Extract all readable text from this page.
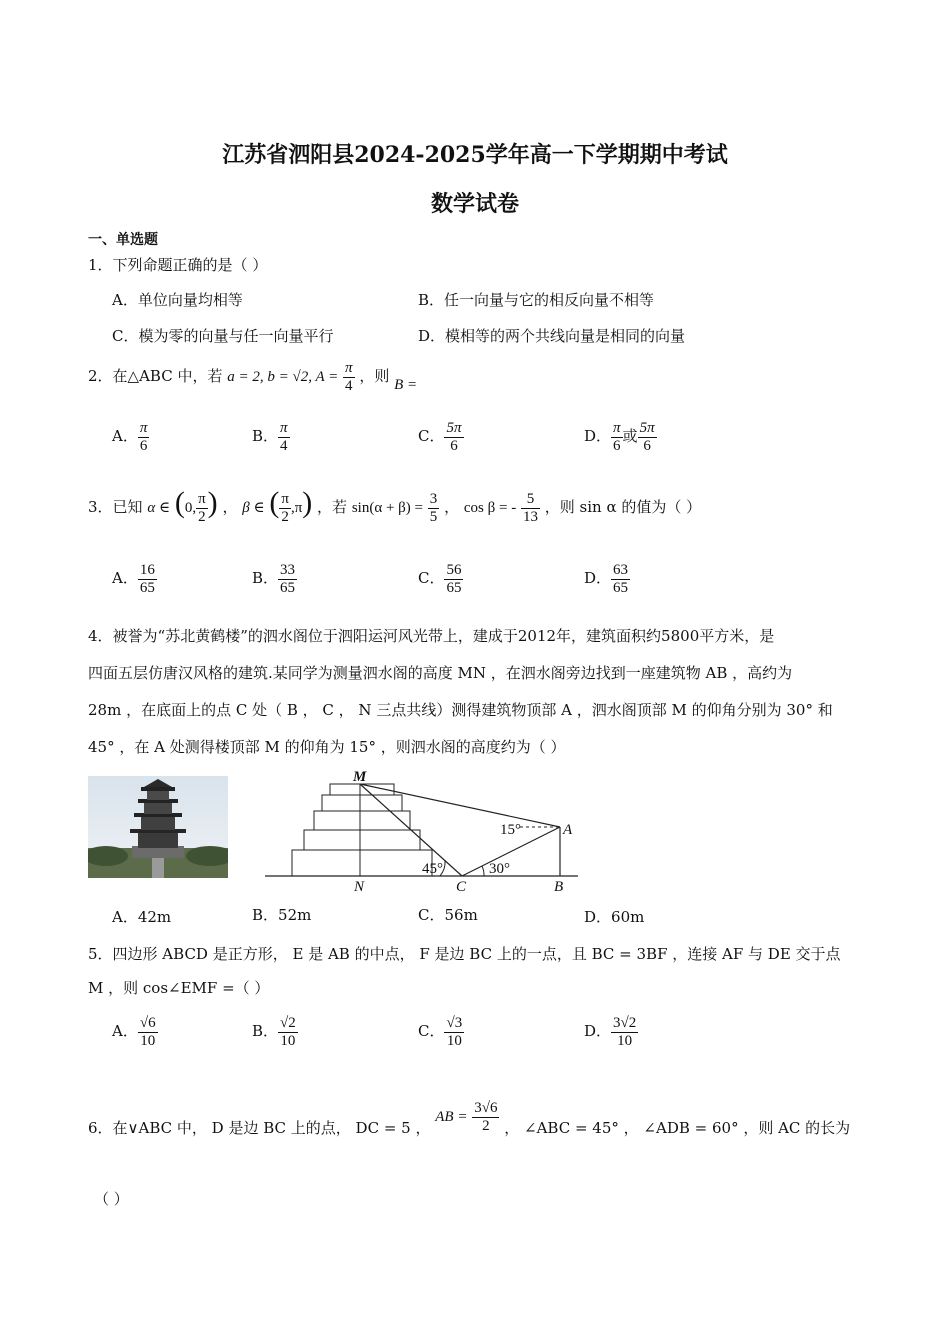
江苏省泗阳县2024-2025学年高一下学期期中考试
数学试卷
一、单选题
1．下列命题正确的是（ ）
A．单位向量均相等	B．任一向量与它的相反向量不相等
C．模为零的向量与任一向量平行	D．模相等的两个共线向量是相同的向量
2．在△ABC 中，若 a = 2, b = √2, $A = \frac{\pi}{4}$ ，则 B =
A． $\frac{\pi}{6}$	B． $\frac{\pi}{4}$	C． $\frac{5\pi}{6}$	D． $\frac{\pi}{6}$ 或 $\frac{5\pi}{6}$
3．已知 α ∈ (0, $\frac{\pi}{2}$ ) ， β ∈ ( $\frac{\pi}{2} ,\pi$) ，若 $\sin(\alpha + \beta) = \frac{3}{5}$ ， cos β = - $\frac{5}{13}$ ，则 sin α 的值为（ ）
A． $\frac{16}{65}$	B． $\frac{33}{65}$	C． $\frac{56}{65}$	D． $\frac{63}{65}$
4．被誉为“苏北黄鹤楼”的泗水阁位于泗阳运河风光带上，建成于2012年，建筑面积约5800平方米，是
四面五层仿唐汉风格的建筑.某同学为测量泗水阁的高度 MN ，在泗水阁旁边找到一座建筑物 AB ，高约为
28m ，在底面上的点 C 处（ B ， C ， N 三点共线）测得建筑物顶部 A ，泗水阁顶部 M 的仰角分别为 30° 和
45° ，在 A 处测得楼顶部 M 的仰角为 15° ，则泗水阁的高度约为（ ）
M
N	C	B
A
15°
45°	30°
A．42m	B．52m	C．56m	D．60m
5．四边形 ABCD 是正方形， E 是 AB 的中点， F 是边 BC 上的一点，且 BC = 3BF ，连接 AF 与 DE 交于点
M ，则 cos∠EMF =（ ）
A． $\frac{√6}{10}$	B． $\frac{√2}{10}$	C． $\frac{√3}{10}$	D． $\frac{3√2}{10}$
6．在∨ABC 中， D 是边 BC 上的点， DC = 5 ， AB = $\frac{3√6}{2}$ ， ∠ABC = 45° ， ∠ADB = 60° ，则 AC 的长为
（ ）
